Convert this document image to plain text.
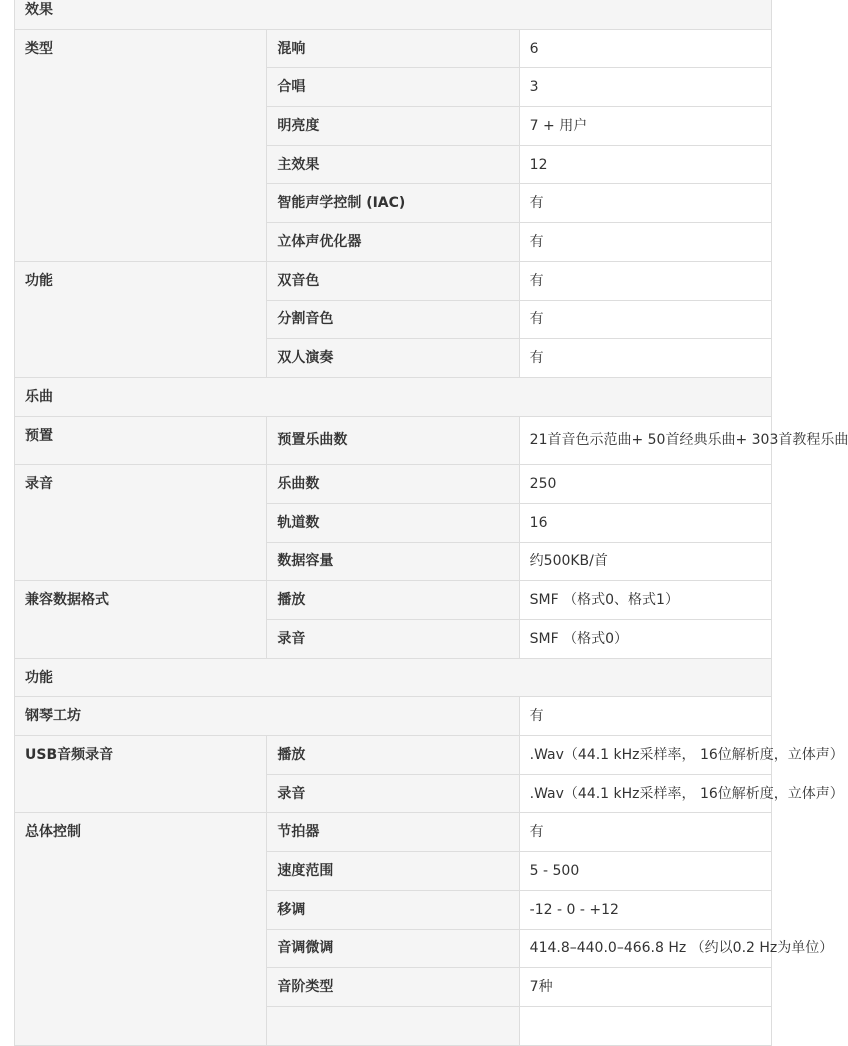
效果		
类型	混响	6
	合唱	3
	明亮度	7 + 用户
	主效果	12
	智能声学控制 (IAC)	有
	立体声优化器	有
功能	双音色	有
	分割音色	有
	双人演奏	有
乐曲		
预置	预置乐曲数	21首音色示范曲+ 50首经典乐曲+ 303首教程乐曲
录音	乐曲数	250
	轨道数	16
	数据容量	约500KB/首
兼容数据格式	播放	SMF （格式0、格式1）
	录音	SMF （格式0）
功能		
钢琴工坊		有
USB音频录音	播放	.Wav（44.1 kHz采样率， 16位解析度，立体声）
	录音	.Wav（44.1 kHz采样率， 16位解析度，立体声）
总体控制	节拍器	有
	速度范围	5 - 500
	移调	-12 - 0 - +12
	音调微调	414.8–440.0–466.8 Hz （约以0.2 Hz为单位）
	音阶类型	7种
